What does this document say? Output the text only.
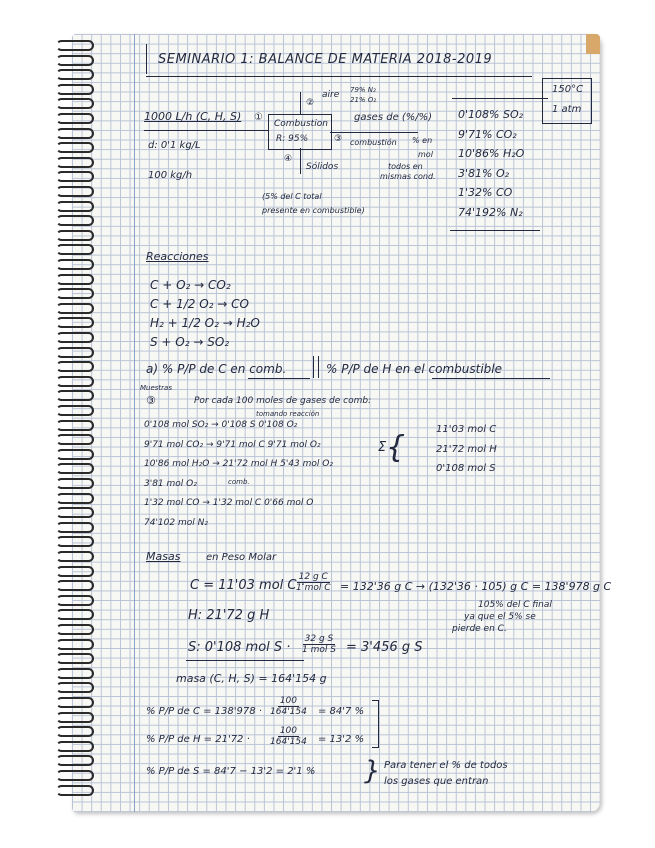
SEMINARIO 1: BALANCE DE MATERIA 2018-2019
1000 L/h (C, H, S) ①
d: 0'1 kg/L
100 kg/h
②
aire 79% N₂
21% O₂
Combustion
R: 95%
④
Sólidos
(5% del C total
presente en combustible)
③
gases de (%/%)
combustión % en
mol
todos en
mismas cond.
150°C
1 atm
0'108% SO₂
9'71% CO₂
10'86% H₂O
3'81% O₂
1'32% CO
74'192% N₂
Reacciones
C + O₂ → CO₂
C + 1/2 O₂ → CO
H₂ + 1/2 O₂ → H₂O
S + O₂ → SO₂
a) % P/P de C en comb.	% P/P de H en el combustible
Muestras
③	Por cada 100 moles de gases de comb:
tomando reacción
0'108 mol SO₂ → 0'108 S 0'108 O₂
9'71 mol CO₂ → 9'71 mol C 9'71 mol O₂
10'86 mol H₂O → 21'72 mol H 5'43 mol O₂
3'81 mol O₂
1'32 mol CO → 1'32 mol C 0'66 mol O
74'102 mol N₂
comb.
{
Σ
11'03 mol C
21'72 mol H
0'108 mol S
Masas	en Peso Molar
C = 11'03 mol C ·
12 g C
1 mol C = 132'36 g C → (132'36 · 105) g C = 138'978 g C
105% del C final
ya que el 5% se
pierde en C.
H: 21'72 g H
S: 0'108 mol S ·
32 g S
1 mol S = 3'456 g S
masa (C, H, S) = 164'154 g
% P/P de $C = 138'978 \cdot \frac{100}{164'154} = 84'7$ %
% P/P de $H = 21'72 \cdot \frac{100}{164'154} = 13'2$ %
% P/P de S = 84'7 − 13'2 = 2'1 % } Para tener el % de todos
los gases que entran
